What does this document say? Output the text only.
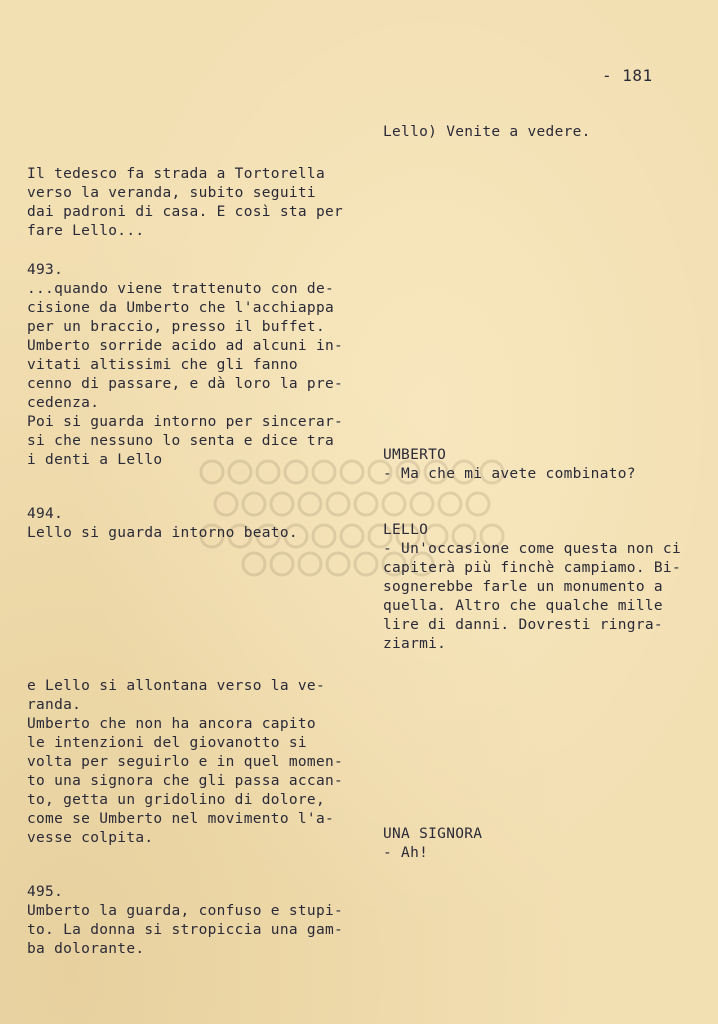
- 181

Lello) Venite a vedere.

Il tedesco fa strada a Tortorella
verso la veranda, subito seguiti
dai padroni di casa. E così sta per
fare Lello...

493.
...quando viene trattenuto con de-
cisione da Umberto che l'acchiappa
per un braccio, presso il buffet.
Umberto sorride acido ad alcuni in-
vitati altissimi che gli fanno
cenno di passare, e dà loro la pre-
cedenza.
Poi si guarda intorno per sincerar-
si che nessuno lo senta e dice tra
i denti a Lello	UMBERTO
- Ma che mi avete combinato?

494.
Lello si guarda intorno beato.	LELLO
- Un'occasione come questa non ci
capiterà più finchè campiamo. Bi-
sognerebbe farle un monumento a
quella. Altro che qualche mille
lire di danni. Dovresti ringra-
ziarmi.

e Lello si allontana verso la ve-
randa.
Umberto che non ha ancora capito
le intenzioni del giovanotto si
volta per seguirlo e in quel momen-
to una signora che gli passa accan-
to, getta un gridolino di dolore,
come se Umberto nel movimento l'a-
vesse colpita.	UNA SIGNORA
- Ah!

495.
Umberto la guarda, confuso e stupi-
to. La donna si stropiccia una gam-
ba dolorante.
